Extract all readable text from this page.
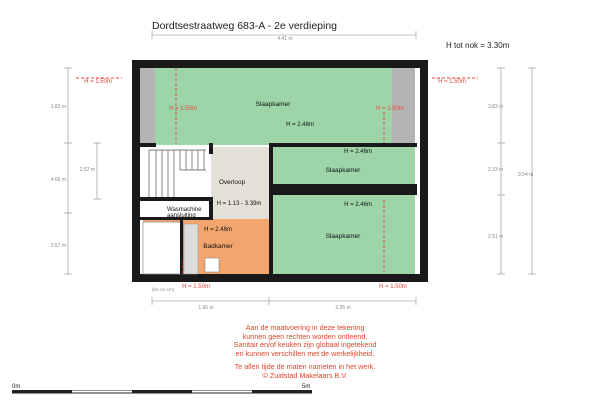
Dordtsestraatweg 683-A - 2e verdieping
H tot nok = 3.30m
4.41 m
H = 1.50m	H = 1.50m
H = 1.50m	H = 1.50m
Slaapkamer
H = 2.46m
H = 2.46m
Slaapkamer
H = 2.46m
Slaapkamer
Overloop
H = 1.13 - 3.39m
Wasmachine
aansluiting
H = 2.46m
Badkamer
H = 1.50m	H = 1.50m
3.83 m
4.66 m
2.57 m
2.57 m
3.83 m
2.33 m
9.54 m
2.51 m
(lm cm cm)
1.96 m	2.35 m
0m	5m
Aan de maatvoering in deze tekening
kunnen geen rechten worden ontleend.
Sanitair en/of keuken zijn globaal ingetekend
en kunnen verschillen met de werkelijkheid.
Te allen tijde de maten nameten in het werk.
© Zuidstad Makelaars B.V.
